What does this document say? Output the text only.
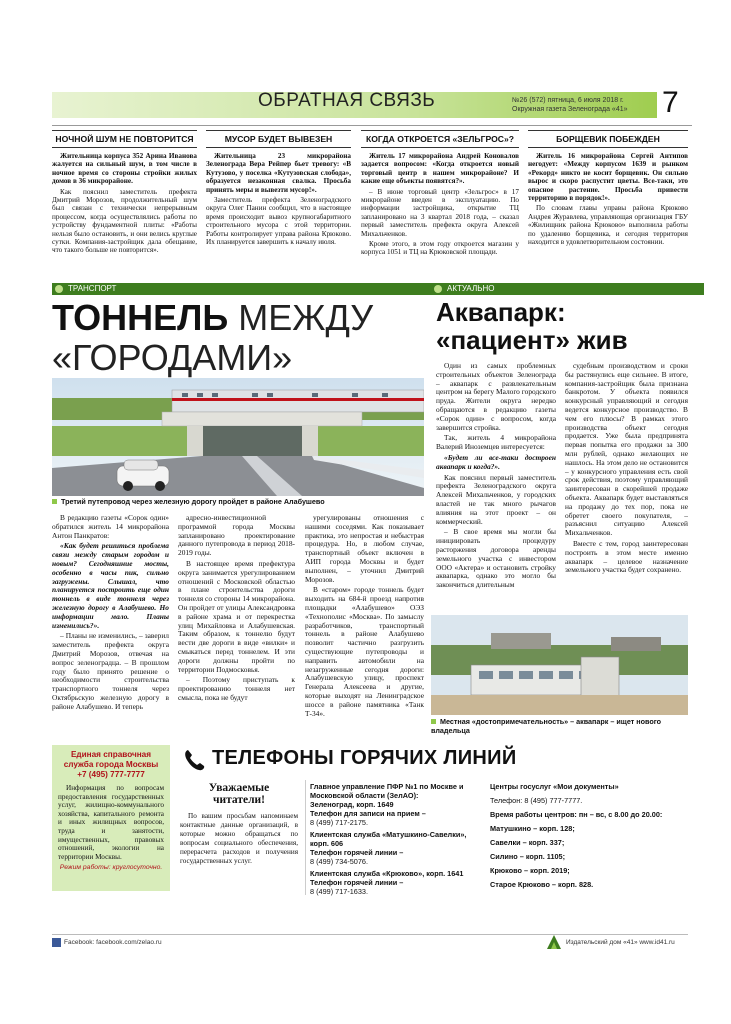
ОБРАТНАЯ СВЯЗЬ	№26 (572) пятница, 6 июля 2018 г.
Окружная газета Зеленограда «41» 7
НОЧНОЙ ШУМ НЕ ПОВТОРИТСЯ

Жительница корпуса 352 Арина Иванова жалуется на сильный шум, в том числе в ночное время со стороны стройки жилых домов в 36 микрорайоне.

Как пояснил заместитель префекта Дмитрий Морозов, продолжительный шум был связан с технически непрерывным процессом, когда осуществлялись работы по устройству фундаментной плиты: «Работы нельзя было остановить, и они велись круглые сутки. Компания-застройщик дала обещание, что такого больше не повторится».

МУСОР БУДЕТ ВЫВЕЗЕН

Жительница 23 микрорайона Зеленограда Вера Рейпер бьет тревогу: «В Кутузово, у поселка «Кутузовская слобода», образуется незаконная свалка. Просьба принять меры и вывезти мусор!».

Заместитель префекта Зеленоградского округа Олег Панин сообщил, что в настоящее время происходит вывоз крупногабаритного строительного мусора с этой территории. Работы контролирует управа района Крюково. Их планируется завершить к началу июля.

КОГДА ОТКРОЕТСЯ «ЗЕЛЬГРОС»?

Житель 17 микрорайона Андрей Коновалов задается вопросом: «Когда откроется новый торговый центр в нашем микрорайоне? И какие еще объекты появятся?».

– В июне торговый центр «Зельгрос» в 17 микрорайоне введен в эксплуатацию. По информации застройщика, открытие ТЦ запланировано на 3 квартал 2018 года, – сказал первый заместитель префекта округа Алексей Михальченков.

Кроме этого, в этом году откроется магазин у корпуса 1051 и ТЦ на Крюковской площади.

БОРЩЕВИК ПОБЕЖДЕН

Житель 16 микрорайона Сергей Антипов негодует: «Между корпусом 1639 и рынком «Рекорд» никто не косит борщевик. Он сильно вырос и скоро распустит цветы. Все-таки, это опасное растение. Просьба привести территорию в порядок!».

По словам главы управы района Крюково Андрея Журавлева, управляющая организация ГБУ «Жилищник района Крюково» выполнила работы по удалению борщевика, и сегодня территория находится в удовлетворительном состоянии.

ТРАНСПОРТ
ТОННЕЛЬ МЕЖДУ
«ГОРОДАМИ»
Третий путепровод через железную дорогу пройдет в районе Алабушево

В редакцию газеты «Сорок один» обратился житель 14 микрорайона Антон Панкратов:

«Как будет решиться проблема связи между старым городом и новым? Сегодняшние мосты, особенно в часы пик, сильно загружены. Слышал, что планируется построить еще один тоннель в виде тоннеля через железную дорогу в Алабушево. Но информации мало. Планы изменились?».

– Планы не изменились, – заверил заместитель префекта округа Дмитрий Морозов, отвечая на вопрос зеленоградца. – В прошлом году было принято решение о необходимости строительства транспортного тоннеля через Октябрьскую железную дорогу в районе Алабушево. И теперь

адресно-инвестиционной программой города Москвы запланировано проектирование данного путепровода в период 2018-2019 годы.

В настоящее время префектура округа занимается урегулированием отношений с Московской областью в плане строительства дороги тоннеля со стороны 14 микрорайона. Он пройдет от улицы Александровка в районе храма и от перекрестка улиц Михайловка и Алабушевская. Таким образом, к тоннелю будут вести две дороги в виде «вилки» и смыкаться перед тоннелем. И эти дороги должны пройти по территории Подмосковья.

– Поэтому приступать к проектированию тоннеля нет смысла, пока не будут

урегулированы отношения с нашими соседями. Как показывает практика, это непростая и небыстрая процедура. Но, в любом случае, транспортный объект включен в АИП города Москвы и будет выполнен, – уточнил Дмитрий Морозов.

В «старом» городе тоннель будет выходить на 684-й проезд напротив площадки «Алабушево» ОЭЗ «Технополис «Москва». По замыслу разработчиков, транспортный тоннель в районе Алабушево позволит частично разгрузить существующие путепроводы и направить автомобили на незагруженные сегодня дороги: Алабушевскую улицу, проспект Генерала Алексеева и другие, которые выходят на Ленинградское шоссе в районе памятника «Танк Т-34».

АКТУАЛЬНО
Аквапарк:
«пациент» жив

Один из самых проблемных строительных объектов Зеленограда – аквапарк с развлекательным центром на берегу Малого городского пруда. Жители округа нередко обращаются в редакцию газеты «Сорок один» с вопросом, когда завершится стройка.

Так, житель 4 микрорайона Валерий Иноземцев интересуется:

«Будет ли все-таки достроен аквапарк и когда?».

Как пояснил первый заместитель префекта Зеленоградского округа Алексей Михальченков, у городских властей не так много рычагов влияния на этот проект – он коммерческий.

– В свое время мы могли бы инициировать процедуру расторжения договора аренды земельного участка с инвестором ООО «Актера» и остановить стройку аквапарка, однако это могло бы закончиться длительным

судебным производством и сроки бы растянулись еще сильнее. В итоге, компания-застройщик была признана банкротом. У объекта появился конкурсный управляющий и сегодня ведется конкурсное производство. В чем его плюсы? В рамках этого производства объект сегодня продается. Уже была предпринята первая попытка его продажи за 300 млн рублей, однако желающих не нашлось. На этом дело не остановится – у конкурсного управления есть свой срок действия, поэтому управляющий заинтересован в скорейшей продаже объекта. Аквапарк будет выставляться на продажу до тех пор, пока не обретет своего покупателя, – разъяснил ситуацию Алексей Михальченков.

Вместе с тем, город заинтересован построить в этом месте именно аквапарк – целевое назначение земельного участка будет сохранено.

Местная «достопримечательность» – аквапарк – ищет нового владельца
Единая справочная
служба города Москвы
+7 (495) 777-7777
Информация по вопросам предоставления государственных услуг, жилищно-коммунального хозяйства, капитального ремонта и иных жилищных вопросов, труда и занятости, имущественных, правовых отношений, экологии на территории Москвы.
Режим работы: круглосуточно.
ТЕЛЕФОНЫ ГОРЯЧИХ ЛИНИЙ
Уважаемые
читатели!
По вашим просьбам напоминаем контактные данные организаций, в которые можно обращаться по вопросам социального обеспечения, перерасчета расходов и получения государственных услуг.

Главное управление ПФР №1 по Москве и Московской области (ЗелАО):

Зеленоград, корп. 1649

Телефон для записи на прием –

8 (499) 717-2175.

Клиентская служба «Матушкино-Савелки», корп. 606

Телефон горячей линии –

8 (499) 734-5076.

Клиентская служба «Крюково», корп. 1641

Телефон горячей линии –

8 (499) 717-1633.

Центры госуслуг «Мои документы»

Телефон: 8 (495) 777-7777.

Время работы центров: пн – вс, с 8.00 до 20.00:

Матушкино – корп. 128;

Савелки – корп. 337;

Силино – корп. 1105;

Крюково – корп. 2019;

Старое Крюково – корп. 828.

Facebook: facebook.com/zelao.ru	Издательский дом «41» www.id41.ru
